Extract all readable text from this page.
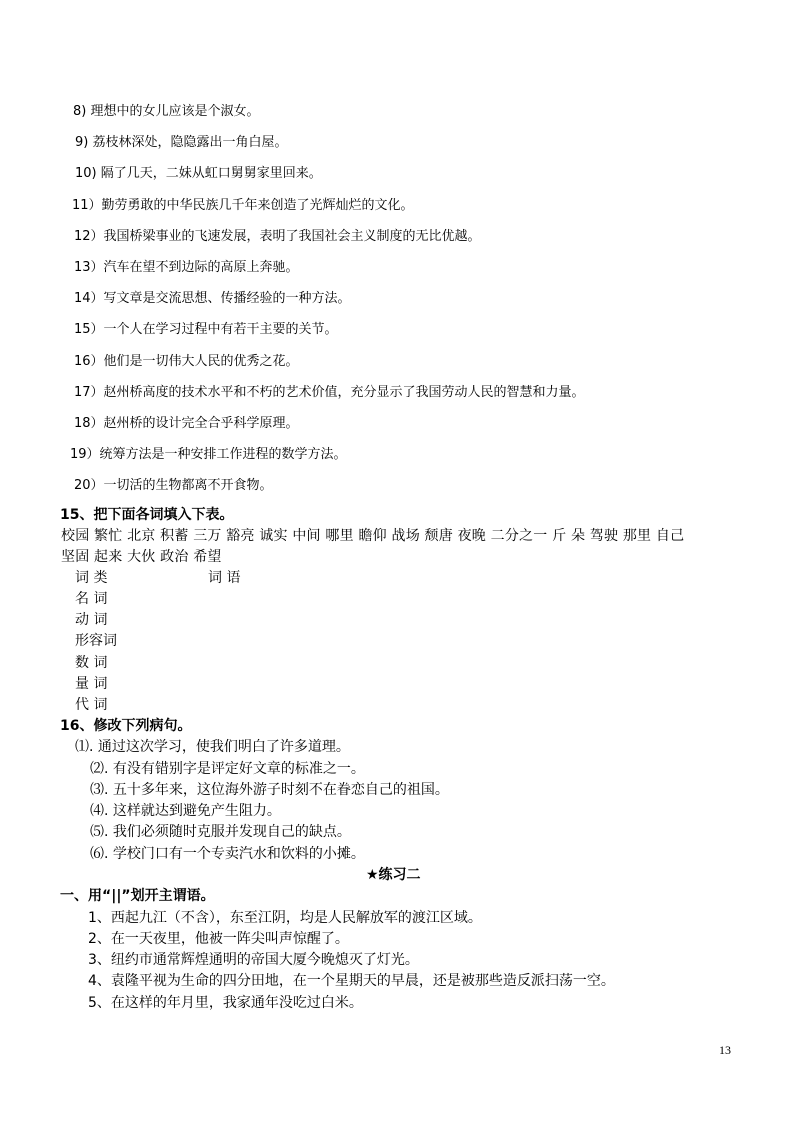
8) 理想中的女儿应该是个淑女。
9) 荔枝林深处，隐隐露出一角白屋。
10) 隔了几天，二妹从虹口舅舅家里回来。
11）勤劳勇敢的中华民族几千年来创造了光辉灿烂的文化。
12）我国桥梁事业的飞速发展，表明了我国社会主义制度的无比优越。
13）汽车在望不到边际的高原上奔驰。
14）写文章是交流思想、传播经验的一种方法。
15）一个人在学习过程中有若干主要的关节。
16）他们是一切伟大人民的优秀之花。
17）赵州桥高度的技术水平和不朽的艺术价值，充分显示了我国劳动人民的智慧和力量。
18）赵州桥的设计完全合乎科学原理。
19）统筹方法是一种安排工作进程的数学方法。
20）一切活的生物都离不开食物。
15、把下面各词填入下表。
校园 繁忙 北京 积蓄 三万 豁亮 诚实 中间 哪里 瞻仰 战场 颓唐 夜晚 二分之一 斤 朵 驾驶 那里 自己
坚固 起来 大伙 政治 希望
词 类	词 语
名 词
动 词
形容词
数 词
量 词
代 词
16、修改下列病句。
⑴. 通过这次学习，使我们明白了许多道理。
⑵. 有没有错别字是评定好文章的标准之一。
⑶. 五十多年来，这位海外游子时刻不在眷恋自己的祖国。
⑷. 这样就达到避免产生阻力。
⑸. 我们必须随时克服并发现自己的缺点。
⑹. 学校门口有一个专卖汽水和饮料的小摊。
★练习二
一、用“||”划开主谓语。
1、西起九江（不含），东至江阴，均是人民解放军的渡江区域。
2、在一天夜里，他被一阵尖叫声惊醒了。
3、纽约市通常辉煌通明的帝国大厦今晚熄灭了灯光。
4、袁隆平视为生命的四分田地，在一个星期天的早晨，还是被那些造反派扫荡一空。
5、在这样的年月里，我家通年没吃过白米。
13
